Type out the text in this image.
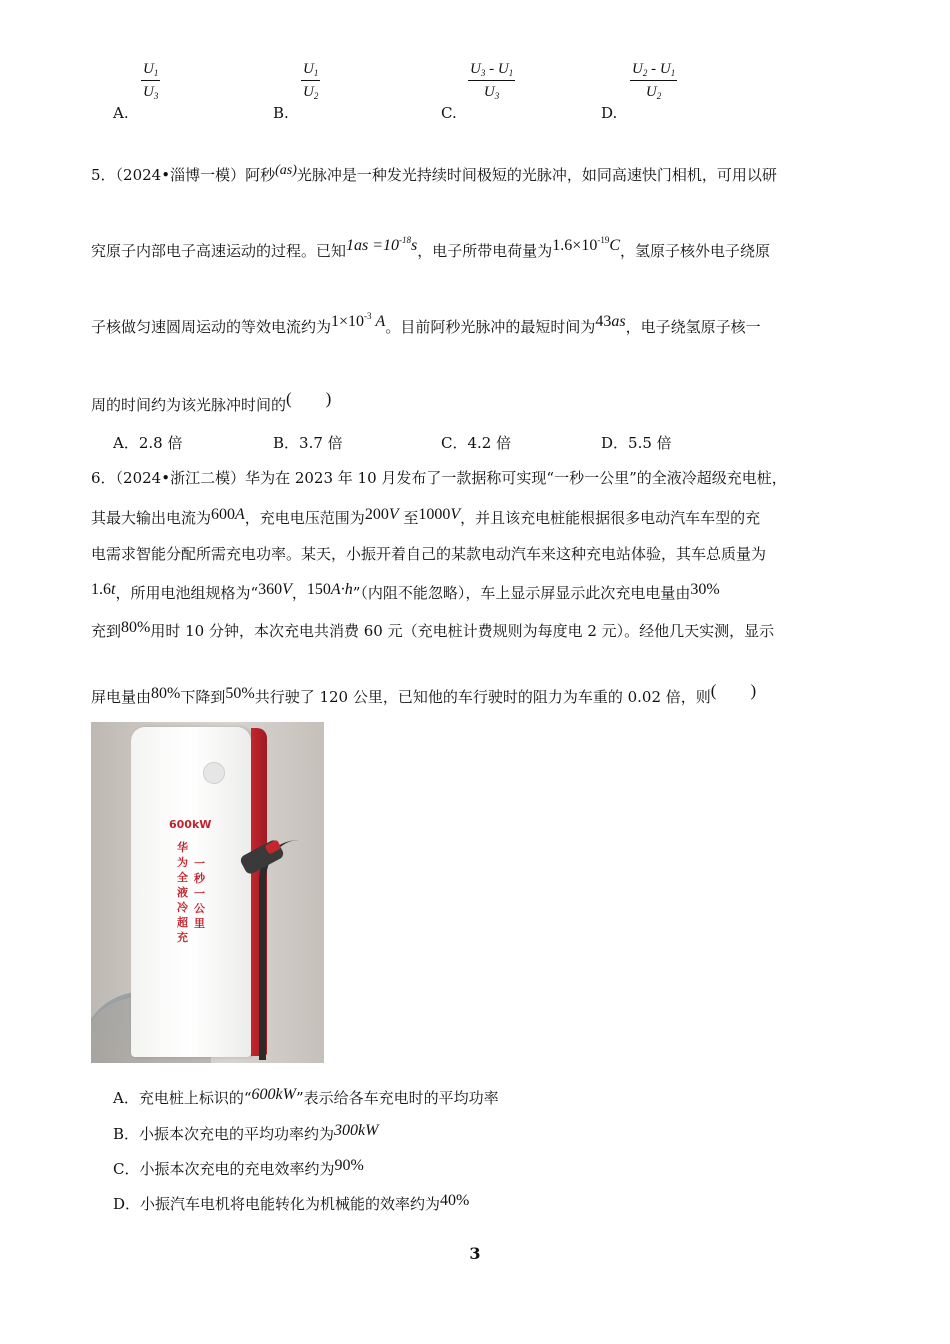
$U_1$
$U_3$
A.
$U_1$
$U_2$
B.
$U_3 - U_1$
$U_3$
C.
$U_2 - U_1$
$U_2$
D.
5．（2024•淄博一模）阿秒$^{(as)}$光脉冲是一种发光持续时间极短的光脉冲，如同高速快门相机，可用以研
究原子内部电子高速运动的过程。已知$1as =10^{-18}s$，电子所带电荷量为$1.6\times 10^{-19}C$，氢原子核外电子绕原
子核做匀速圆周运动的等效电流约为$1\times 10^{-3}$ A。目前阿秒光脉冲的最短时间为43as，电子绕氢原子核一
周的时间约为该光脉冲时间的(　　)
A．2.8 倍	B．3.7 倍	C．4.2 倍	D．5.5 倍
6．（2024•浙江二模）华为在 2023 年 10 月发布了一款据称可实现“一秒一公里”的全液冷超级充电桩，
其最大输出电流为600A，充电电压范围为200V 至1000V，并且该充电桩能根据很多电动汽车车型的充
电需求智能分配所需充电功率。某天，小振开着自己的某款电动汽车来这种充电站体验，其车总质量为
1.6t，所用电池组规格为“360V，150A·h”（内阻不能忽略），车上显示屏显示此次充电电量由30%
充到80%用时 10 分钟，本次充电共消费 60 元（充电桩计费规则为每度电 2 元）。经他几天实测，显示
屏电量由80%下降到50%共行驶了 120 公里，已知他的车行驶时的阻力为车重的 0.02 倍，则(　　)
600kW
华为全液冷超充
一秒一公里
A．充电桩上标识的“600kW”表示给各车充电时的平均功率
B．小振本次充电的平均功率约为300kW
C．小振本次充电的充电效率约为90%
D．小振汽车电机将电能转化为机械能的效率约为40%
3
